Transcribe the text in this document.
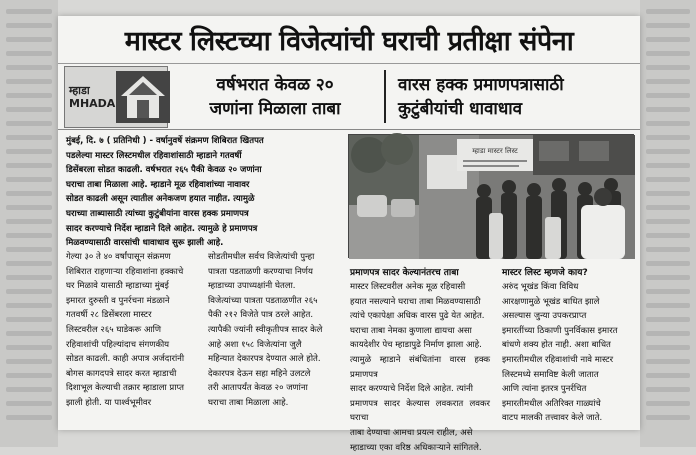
मास्टर लिस्टच्या विजेत्यांची घराची प्रतीक्षा संपेना
म्हाडा
MHADA
वर्षभरात केवळ २०
जणांना मिळाला ताबा
वारस हक्क प्रमाणपत्रासाठी
कुटुंबीयांची धावाधाव
मुंबई, दि. ७ ( प्रतिनिधी ) - वर्षानुवर्षे संक्रमण शिबिरात खितपत
पडलेल्या मास्टर लिस्टमधील रहिवाशांसाठी म्हाडाने गतवर्षी
डिसेंबरला सोडत काढली. वर्षभरात २६५ पैकी केवळ २० जणांना
घराचा ताबा मिळाला आहे. म्हाडाने मूळ रहिवाशांच्या नावावर
सोडत काढली असून त्यातील अनेकजण हयात नाहीत. त्यामुळे
घराच्या ताब्यासाठी त्यांच्या कुटुंबीयांना वारस हक्क प्रमाणपत्र
सादर करण्याचे निर्देश म्हाडाने दिले आहेत. त्यामुळे हे प्रमाणपत्र
मिळवण्यासाठी वारसांची धावाधाव सुरू झाली आहे.
म्हाडा मास्टर लिस्ट
गेल्या ३० ते ४० वर्षांपासून संक्रमण
शिबिरात राहणाऱ्या रहिवाशांना हक्काचे
घर मिळावे यासाठी म्हाडाच्या मुंबई
इमारत दुरुस्ती व पुनर्रचना मंडळाने
गतवर्षी २८ डिसेंबरला मास्टर
लिस्टवरील २६५ घाडेकरू आणि
रहिवाशांची पहिल्यांदाच संगणकीय
सोडत काढली. काही अपात्र अर्जदारांनी
बोगस कागदपत्रे सादर करत म्हाडाची
दिशाभूल केल्याची तक्रार म्हाडाला प्राप्त
झाली होती. या पार्श्वभूमीवर
सोडतीमधील सर्वच विजेत्यांची पुन्हा
पात्रता पडताळणी करण्याचा निर्णय
म्हाडाच्या उपाध्यक्षांनी घेतला.
विजेत्यांच्या पात्रता पडताळणीत २६५
पैकी २१२ विजेते पात्र ठरले आहेत.
त्यापैकी ज्यांनी स्वीकृतीपत्र सादर केले
आहे अशा १५८ विजेत्यांना जुलै
महिन्यात देकारपत्र देण्यात आले होते.
देकारपत्र देऊन सहा महिने उलटले
तरी आतापर्यंत केवळ २० जणांना
घराचा ताबा मिळाला आहे.
प्रमाणपत्र सादर केल्यानंतरच ताबा
मास्टर लिस्टवरील अनेक मूळ रहिवासी
हयात नसल्याने घराचा ताबा मिळवण्यासाठी
त्यांचे एकापेक्षा अधिक वारस पुढे येत आहेत.
घराचा ताबा नेमका कुणाला द्यायचा असा
कायदेशीर पेच म्हाडापुढे निर्माण झाला आहे.
त्यामुळे म्हाडाने संबंधितांना वारस हक्क प्रमाणपत्र
सादर करण्याचे निर्देश दिले आहेत. त्यांनी
प्रमाणपत्र सादर केल्यास लवकरात लवकर घराचा
ताबा देण्याचा आमचा प्रयत्न राहील, असे
म्हाडाच्या एका वरिष्ठ अधिकाऱ्याने सांगितले.
मास्टर लिस्ट म्हणजे काय?
अरुंद भूखंड किंवा विविध
आरक्षणामुळे भूखंड बाधित झाले
असल्यास जुन्या उपकरप्राप्त
इमारतींच्या ठिकाणी पुनर्विकास इमारत
बांधणे शक्य होत नाही. अशा बाधित
इमारतीमधील रहिवाशांची नावे मास्टर
लिस्टमध्ये समाविष्ट केली जातात
आणि त्यांना इतरत्र पुनर्रचित
इमारतीमधील अतिरिक्त गाळ्यांचे
वाटप मालकी तत्त्वावर केले जाते.
